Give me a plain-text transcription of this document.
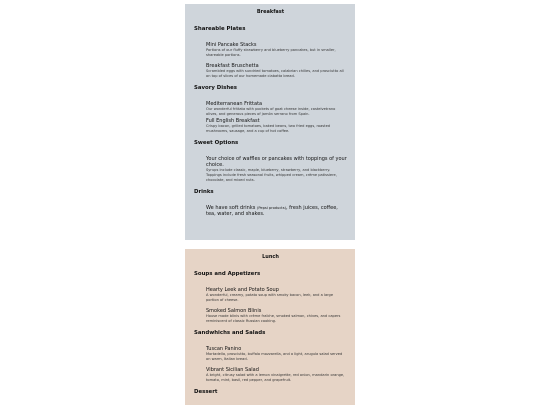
Breakfast
Shareable Plates
Mini Pancake Stacks
Portions of our fluffy strawberry and blueberry pancakes, but in smaller, shareable portions.
Breakfast Bruschetta
Scrambled eggs with sundried tomatoes, calabrian chilies, and prosciutto all on top of slices of our homemade ciabatta bread.
Savory Dishes
Mediterranean Frittata
Our wonderful frittata with pockets of goat cheese inside, castelvetrano olives, and generous pieces of jamón serrano from Spain.
Full English Breakfast
Crispy bacon, grilled tomatoes, baked beans, two fried eggs, roasted mushrooms, sausage, and a cup of hot coffee.
Sweet Options
Your choice of waffles or pancakes with toppings of your choice.
Syrups include classic, maple, blueberry, strawberry, and blackberry. Toppings include fresh seasonal fruits, whipped cream, crème patissiere, chocolate, and mixed nuts.
Drinks
We have soft drinks (Pepsi products), fresh juices, coffee, tea, water, and shakes.
Lunch
Soups and Appetizers
Hearty Leek and Potato Soup
A wonderful, creamy, potato soup with smoky bacon, leek, and a large portion of cheese.
Smoked Salmon Blinis
House made blinis with crème fraîche, smoked salmon, chives, and capers reminiscent of classic Russian cooking.
Sandwhichs and Salads
Tuscan Panino
Mortadella, prosciutto, buffalo mozzarella, and a light, arugula salad served on warm, Italian bread.
Vibrant Sicilian Salad
A bright, citrusy salad with a lemon vinaigrette, red onion, mandarin orange, tomato, mint, basil, red pepper, and grapefruit.
Dessert
